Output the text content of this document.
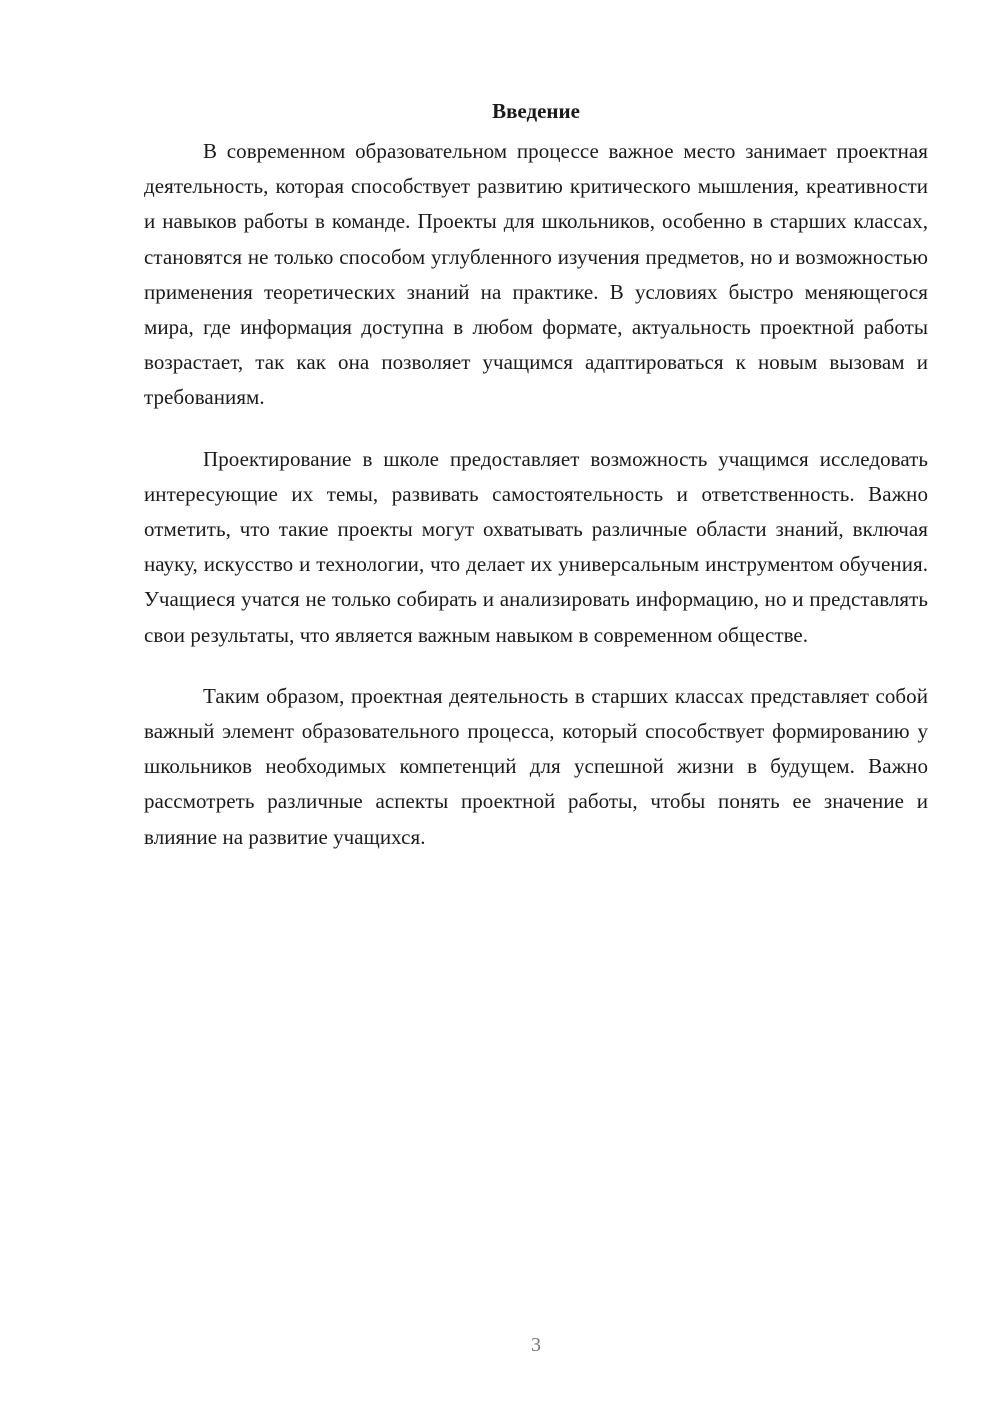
Введение

В современном образовательном процессе важное место занимает проектная деятельность, которая способствует развитию критического мышления, креативности и навыков работы в команде. Проекты для школьников, особенно в старших классах, становятся не только способом углубленного изучения предметов, но и возможностью применения теоретических знаний на практике. В условиях быстро меняющегося мира, где информация доступна в любом формате, актуальность проектной работы возрастает, так как она позволяет учащимся адаптироваться к новым вызовам и требованиям.

Проектирование в школе предоставляет возможность учащимся исследовать интересующие их темы, развивать самостоятельность и ответственность. Важно отметить, что такие проекты могут охватывать различные области знаний, включая науку, искусство и технологии, что делает их универсальным инструментом обучения. Учащиеся учатся не только собирать и анализировать информацию, но и представлять свои результаты, что является важным навыком в современном обществе.

Таким образом, проектная деятельность в старших классах представляет собой важный элемент образовательного процесса, который способствует формированию у школьников необходимых компетенций для успешной жизни в будущем. Важно рассмотреть различные аспекты проектной работы, чтобы понять ее значение и влияние на развитие учащихся.

3
